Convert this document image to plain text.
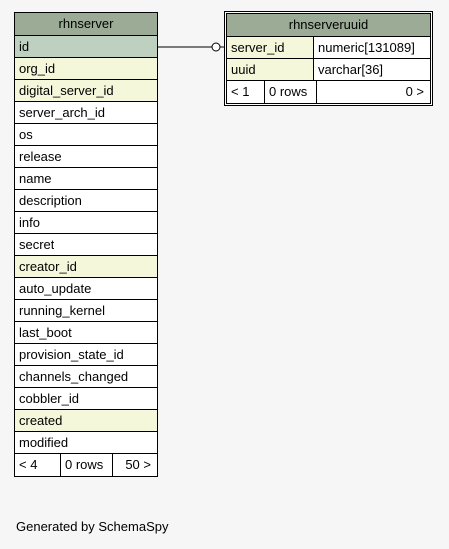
rhnserver
id
org_id
digital_server_id
server_arch_id
os
release
name
description
info
secret
creator_id
auto_update
running_kernel
last_boot
provision_state_id
channels_changed
cobbler_id
created
modified
< 4	0 rows	50 >
rhnserveruuid
server_id	numeric[131089]
uuid	varchar[36]
< 1	0 rows	0 >
Generated by SchemaSpy
